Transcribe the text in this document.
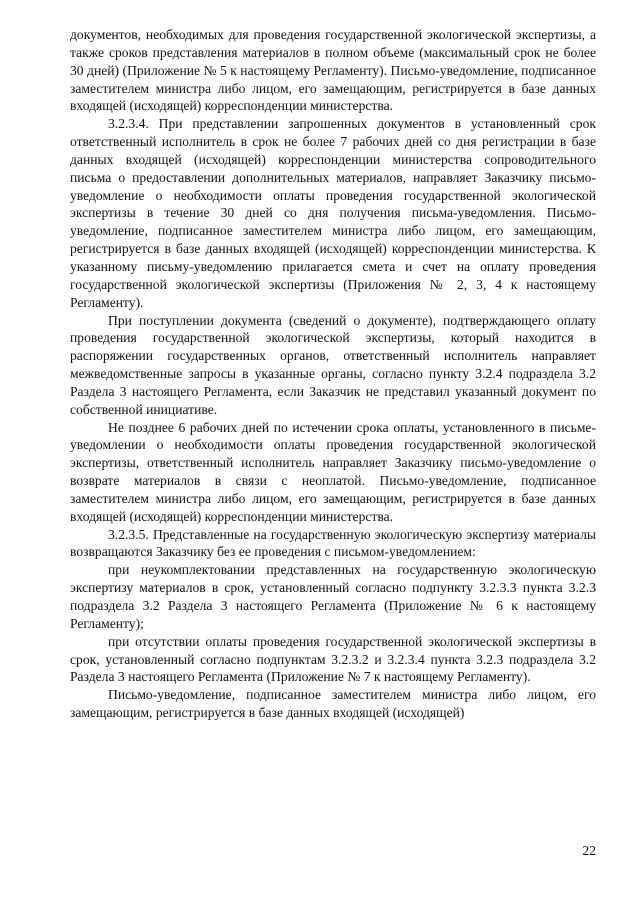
документов, необходимых для проведения государственной экологической экспертизы, а также сроков представления материалов в полном объеме (максимальный срок не более 30 дней) (Приложение № 5 к настоящему Регламенту). Письмо-уведомление, подписанное заместителем министра либо лицом, его замещающим, регистрируется в базе данных входящей (исходящей) корреспонденции министерства.

3.2.3.4. При представлении запрошенных документов в установленный срок ответственный исполнитель в срок не более 7 рабочих дней со дня регистрации в базе данных входящей (исходящей) корреспонденции министерства сопроводительного письма о предоставлении дополнительных материалов, направляет Заказчику письмо-уведомление о необходимости оплаты проведения государственной экологической экспертизы в течение 30 дней со дня получения письма-уведомления. Письмо-уведомление, подписанное заместителем министра либо лицом, его замещающим, регистрируется в базе данных входящей (исходящей) корреспонденции министерства. К указанному письму-уведомлению прилагается смета и счет на оплату проведения государственной экологической экспертизы (Приложения № 2, 3, 4 к настоящему Регламенту).

При поступлении документа (сведений о документе), подтверждающего оплату проведения государственной экологической экспертизы, который находится в распоряжении государственных органов, ответственный исполнитель направляет межведомственные запросы в указанные органы, согласно пункту 3.2.4 подраздела 3.2 Раздела 3 настоящего Регламента, если Заказчик не представил указанный документ по собственной инициативе.

Не позднее 6 рабочих дней по истечении срока оплаты, установленного в письме-уведомлении о необходимости оплаты проведения государственной экологической экспертизы, ответственный исполнитель направляет Заказчику письмо-уведомление о возврате материалов в связи с неоплатой. Письмо-уведомление, подписанное заместителем министра либо лицом, его замещающим, регистрируется в базе данных входящей (исходящей) корреспонденции министерства.

3.2.3.5. Представленные на государственную экологическую экспертизу материалы возвращаются Заказчику без ее проведения с письмом-уведомлением:

при неукомплектовании представленных на государственную экологическую экспертизу материалов в срок, установленный согласно подпункту 3.2.3.3 пункта 3.2.3 подраздела 3.2 Раздела 3 настоящего Регламента (Приложение № 6 к настоящему Регламенту);

при отсутствии оплаты проведения государственной экологической экспертизы в срок, установленный согласно подпунктам 3.2.3.2 и 3.2.3.4 пункта 3.2.3 подраздела 3.2 Раздела 3 настоящего Регламента (Приложение № 7 к настоящему Регламенту).

Письмо-уведомление, подписанное заместителем министра либо лицом, его замещающим, регистрируется в базе данных входящей (исходящей)

22
